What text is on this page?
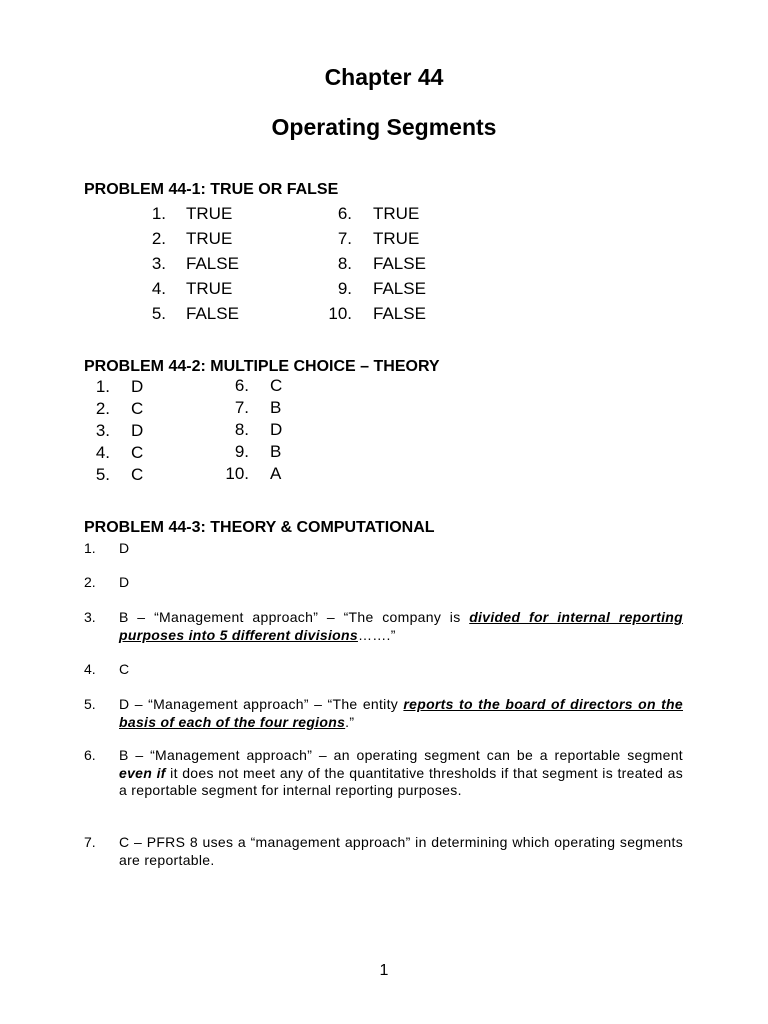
Chapter 44
Operating Segments
PROBLEM 44-1: TRUE OR FALSE
1. TRUE
2. TRUE
3. FALSE
4. TRUE
5. FALSE
6. TRUE
7. TRUE
8. FALSE
9. FALSE
10. FALSE
PROBLEM 44-2: MULTIPLE CHOICE – THEORY
1. D
2. C
3. D
4. C
5. C
6. C
7. B
8. D
9. B
10. A
PROBLEM 44-3: THEORY & COMPUTATIONAL
1. D
2. D
3. B – “Management approach” – “The company is divided for internal reporting purposes into 5 different divisions…….”
4. C
5. D – “Management approach” – “The entity reports to the board of directors on the basis of each of the four regions.”
6. B – “Management approach” – an operating segment can be a reportable segment even if it does not meet any of the quantitative thresholds if that segment is treated as a reportable segment for internal reporting purposes.
7. C – PFRS 8 uses a “management approach” in determining which operating segments are reportable.
1
